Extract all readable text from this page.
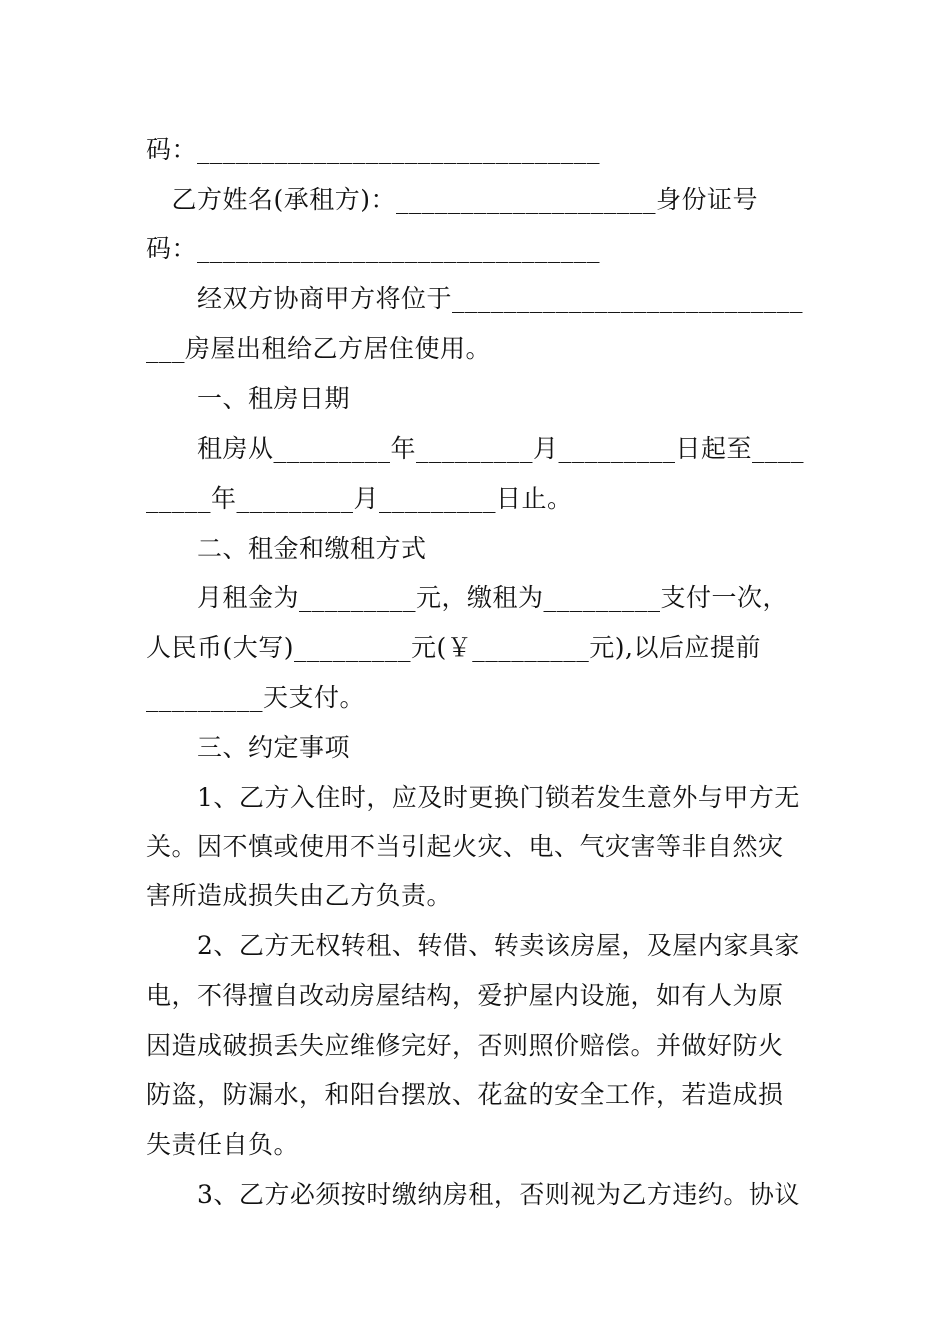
码：_______________________________
　乙方姓名(承租方)：____________________身份证号
码：_______________________________
　　经双方协商甲方将位于___________________________
___房屋出租给乙方居住使用。
　　一、租房日期
　　租房从_________年_________月_________日起至____
_____年_________月_________日止。
　　二、租金和缴租方式
　　月租金为_________元，缴租为_________支付一次，
人民币(大写)_________元(￥_________元),以后应提前
_________天支付。
　　三、约定事项
　　1、乙方入住时，应及时更换门锁若发生意外与甲方无
关。因不慎或使用不当引起火灾、电、气灾害等非自然灾
害所造成损失由乙方负责。
　　2、乙方无权转租、转借、转卖该房屋，及屋内家具家
电，不得擅自改动房屋结构，爱护屋内设施，如有人为原
因造成破损丢失应维修完好，否则照价赔偿。并做好防火
防盗，防漏水，和阳台摆放、花盆的安全工作，若造成损
失责任自负。
　　3、乙方必须按时缴纳房租，否则视为乙方违约。协议
